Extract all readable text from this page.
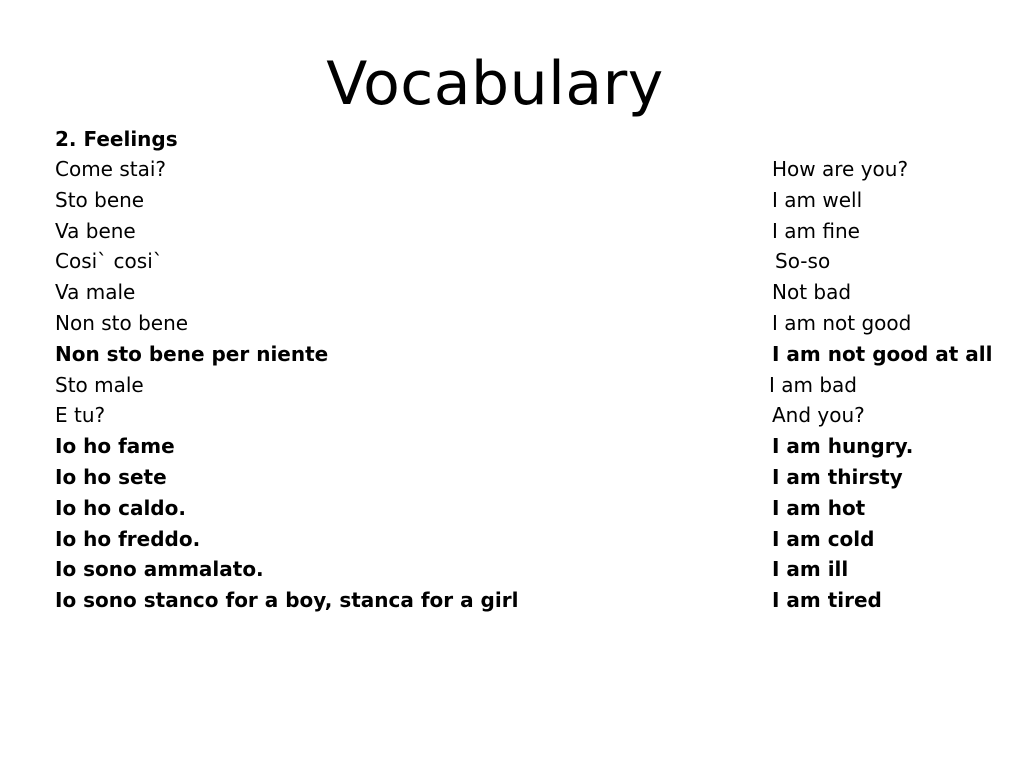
Vocabulary
2. Feelings
Come stai?	How are you?
Sto bene	I am well
Va bene	I am fine
Cosi` cosi`	So-so
Va male	Not bad
Non sto bene	I am not good
Non sto bene per niente	I am not good at all
Sto male	I am bad
E tu?	And you?
Io ho fame	I am hungry.
Io ho sete	I am thirsty
Io ho caldo.	I am hot
Io ho freddo.	I am cold
Io sono ammalato.	I am ill
Io sono stanco for a boy, stanca for a girl	I am tired
